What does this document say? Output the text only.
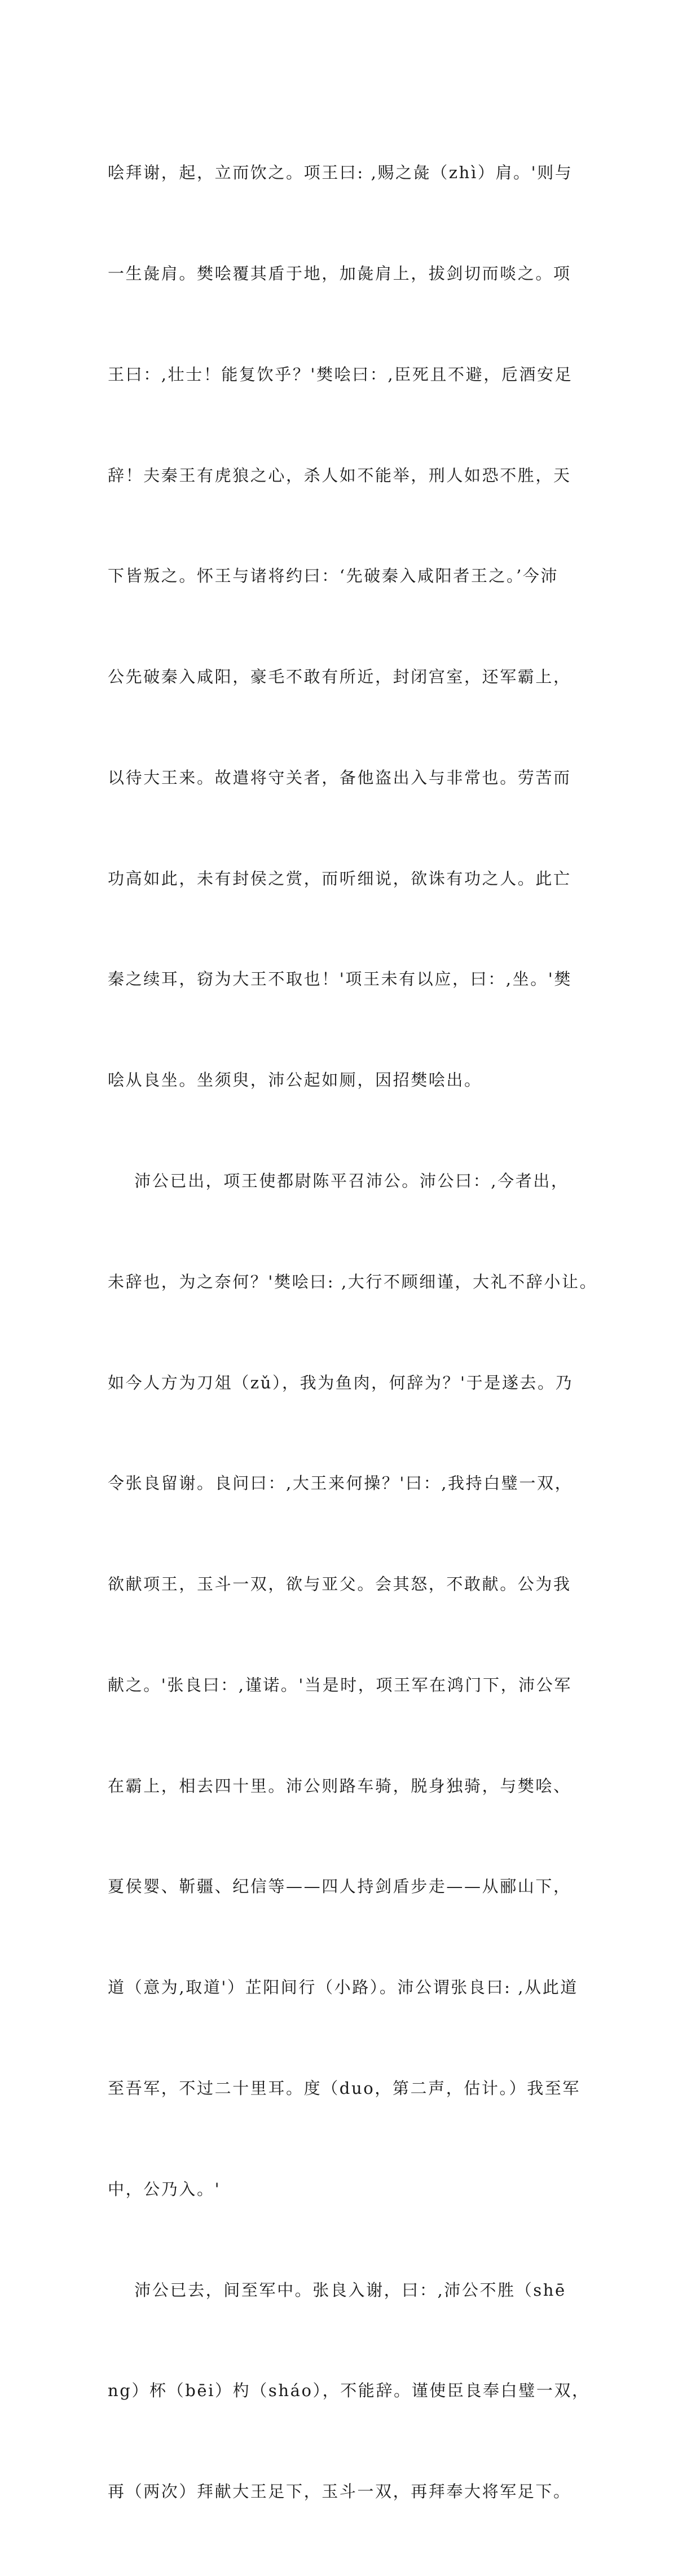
哙拜谢，起，立而饮之。项王曰: ,赐之彘（zhì）肩。'则与

一生彘肩。樊哙覆其盾于地，加彘肩上，拔剑切而啖之。项

王曰：,壮士！能复饮乎？'樊哙曰：,臣死且不避，卮酒安足

辞！夫秦王有虎狼之心，杀人如不能举，刑人如恐不胜，天

下皆叛之。怀王与诸将约曰：‘先破秦入咸阳者王之。’今沛

公先破秦入咸阳，豪毛不敢有所近，封闭宫室，还军霸上，

以待大王来。故遣将守关者，备他盗出入与非常也。劳苦而

功高如此，未有封侯之赏，而听细说，欲诛有功之人。此亡

秦之续耳，窃为大王不取也！'项王未有以应，曰：,坐。'樊

哙从良坐。坐须臾，沛公起如厕，因招樊哙出。

沛公已出，项王使都尉陈平召沛公。沛公曰：,今者出，

未辞也，为之奈何？'樊哙曰: ,大行不顾细谨，大礼不辞小让。

如今人方为刀俎（zǔ），我为鱼肉，何辞为？'于是遂去。乃

令张良留谢。良问曰：,大王来何操？'曰：,我持白璧一双，

欲献项王，玉斗一双，欲与亚父。会其怒，不敢献。公为我

献之。'张良曰：,谨诺。'当是时，项王军在鸿门下，沛公军

在霸上，相去四十里。沛公则路车骑，脱身独骑，与樊哙、

夏侯婴、靳疆、纪信等——四人持剑盾步走——从郦山下，

道（意为,取道'）芷阳间行（小路）。沛公谓张良曰: ,从此道

至吾军，不过二十里耳。度（duo，第二声，估计。）我至军

中，公乃入。'

沛公已去，间至军中。张良入谢，曰：,沛公不胜（shē

ng）杯（bēi）杓（sháo），不能辞。谨使臣良奉白璧一双，

再（两次）拜献大王足下，玉斗一双，再拜奉大将军足下。
